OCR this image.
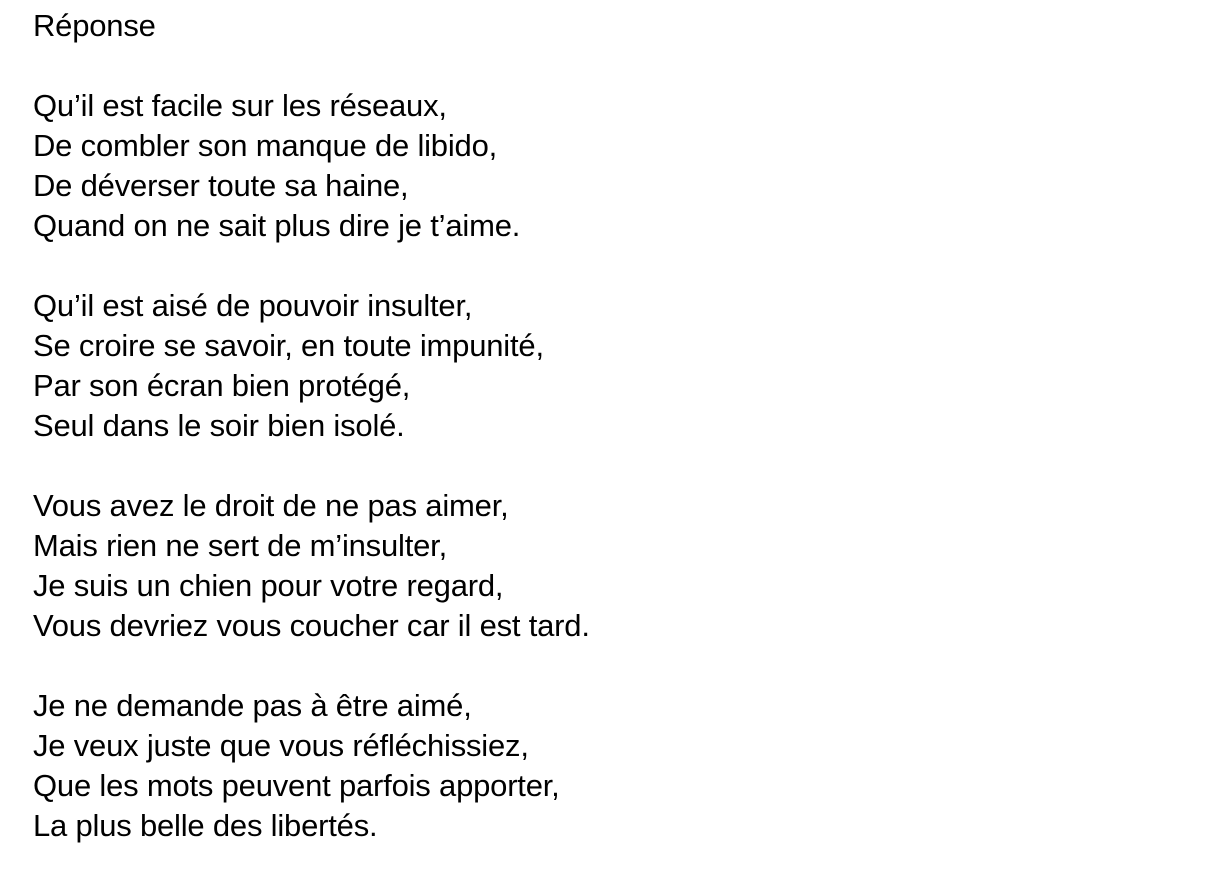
Réponse
Qu’il est facile sur les réseaux,
De combler son manque de libido,
De déverser toute sa haine,
Quand on ne sait plus dire je t’aime.
Qu’il est aisé de pouvoir insulter,
Se croire se savoir, en toute impunité,
Par son écran bien protégé,
Seul dans le soir bien isolé.
Vous avez le droit de ne pas aimer,
Mais rien ne sert de m’insulter,
Je suis un chien pour votre regard,
Vous devriez vous coucher car il est tard.
Je ne demande pas à être aimé,
Je veux juste que vous réfléchissiez,
Que les mots peuvent parfois apporter,
La plus belle des libertés.
